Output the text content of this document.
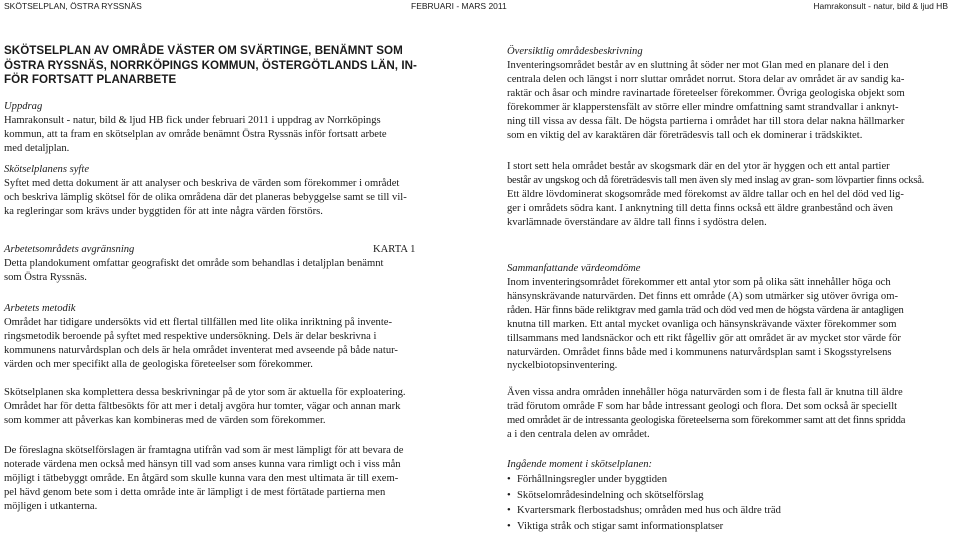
SKÖTSELPLAN, ÖSTRA RYSSNÄS	FEBRUARI - MARS 2011	Hamrakonsult - natur, bild & ljud HB
SKÖTSELPLAN AV OMRÅDE VÄSTER OM SVÄRTINGE, BENÄMNT SOM
ÖSTRA RYSSNÄS, NORRKÖPINGS KOMMUN, ÖSTERGÖTLANDS LÄN, IN-
FÖR FORTSATT PLANARBETE
Uppdrag

Hamrakonsult - natur, bild & ljud HB fick under februari 2011 i uppdrag av Norrköpings
kommun, att ta fram en skötselplan av område benämnt Östra Ryssnäs inför fortsatt arbete
med detaljplan.

Skötselplanens syfte

Syftet med detta dokument är att analyser och beskriva de värden som förekommer i området
och beskriva lämplig skötsel för de olika områdena där det planeras bebyggelse samt se till vil-
ka regleringar som krävs under byggtiden för att inte några värden förstörs.

Arbetetsområdets avgränsning	KARTA 1

Detta plandokument omfattar geografiskt det område som behandlas i detaljplan benämnt
som Östra Ryssnäs.

Arbetets metodik

Området har tidigare undersökts vid ett flertal tillfällen med lite olika inriktning på invente-
ringsmetodik beroende på syftet med respektive undersökning. Dels är delar beskrivna i
kommunens naturvårdsplan och dels är hela området inventerat med avseende på både natur-
värden och mer specifikt alla de geologiska företeelser som förekommer.

Skötselplanen ska komplettera dessa beskrivningar på de ytor som är aktuella för exploatering.
Området har för detta fältbesökts för att mer i detalj avgöra hur tomter, vägar och annan mark
som kommer att påverkas kan kombineras med de värden som förekommer.

De föreslagna skötselförslagen är framtagna utifrån vad som är mest lämpligt för att bevara de
noterade värdena men också med hänsyn till vad som anses kunna vara rimligt och i viss mån
möjligt i tätbebyggt område. En åtgärd som skulle kunna vara den mest ultimata är till exem-
pel hävd genom bete som i detta område inte är lämpligt i de mest förtätade partierna men
möjligen i utkanterna.

Översiktlig områdesbeskrivning

Inventeringsområdet består av en sluttning åt söder ner mot Glan med en planare del i den
centrala delen och längst i norr sluttar området norrut. Stora delar av området är av sandig ka-
raktär och åsar och mindre ravinartade företeelser förekommer. Övriga geologiska objekt som
förekommer är klapperstensfält av större eller mindre omfattning samt strandvallar i anknyt-
ning till vissa av dessa fält. De högsta partierna i området har till stora delar nakna hällmarker
som en viktig del av karaktären där företrädesvis tall och ek dominerar i trädskiktet.

I stort sett hela området består av skogsmark där en del ytor är hyggen och ett antal partier
består av ungskog och då företrädesvis tall men även sly med inslag av gran- som lövpartier finns också.
Ett äldre lövdominerat skogsområde med förekomst av äldre tallar och en hel del död ved lig-
ger i områdets södra kant. I anknytning till detta finns också ett äldre granbestånd och även
kvarlämnade överständare av äldre tall finns i sydöstra delen.

Sammanfattande värdeomdöme

Inom inventeringsområdet förekommer ett antal ytor som på olika sätt innehåller höga och
hänsynskrävande naturvärden. Det finns ett område (A) som utmärker sig utöver övriga om-
råden. Här finns bäde reliktgrav med gamla träd och död ved men de högsta värdena är antagligen
knutna till marken. Ett antal mycket ovanliga och hänsynskrävande växter förekommer som
tillsammans med landsnäckor och ett rikt fågelliv gör att området är av mycket stor värde för
naturvärden. Området finns både med i kommunens naturvårdsplan samt i Skogsstyrelsens
nyckelbiotopsinventering.

Även vissa andra områden innehåller höga naturvärden som i de flesta fall är knutna till äldre
träd förutom område F som har både intressant geologi och flora. Det som också är speciellt
med området är de intressanta geologiska företeelserna som förekommer samt att det finns spridda
a i den centrala delen av området.

Ingående moment i skötselplanen:
• Förhållningsregler under byggtiden
• Skötselområdesindelning och skötselförslag
• Kvartersmark flerbostadshus; områden med hus och äldre träd
• Viktiga stråk och stigar samt informationsplatser
